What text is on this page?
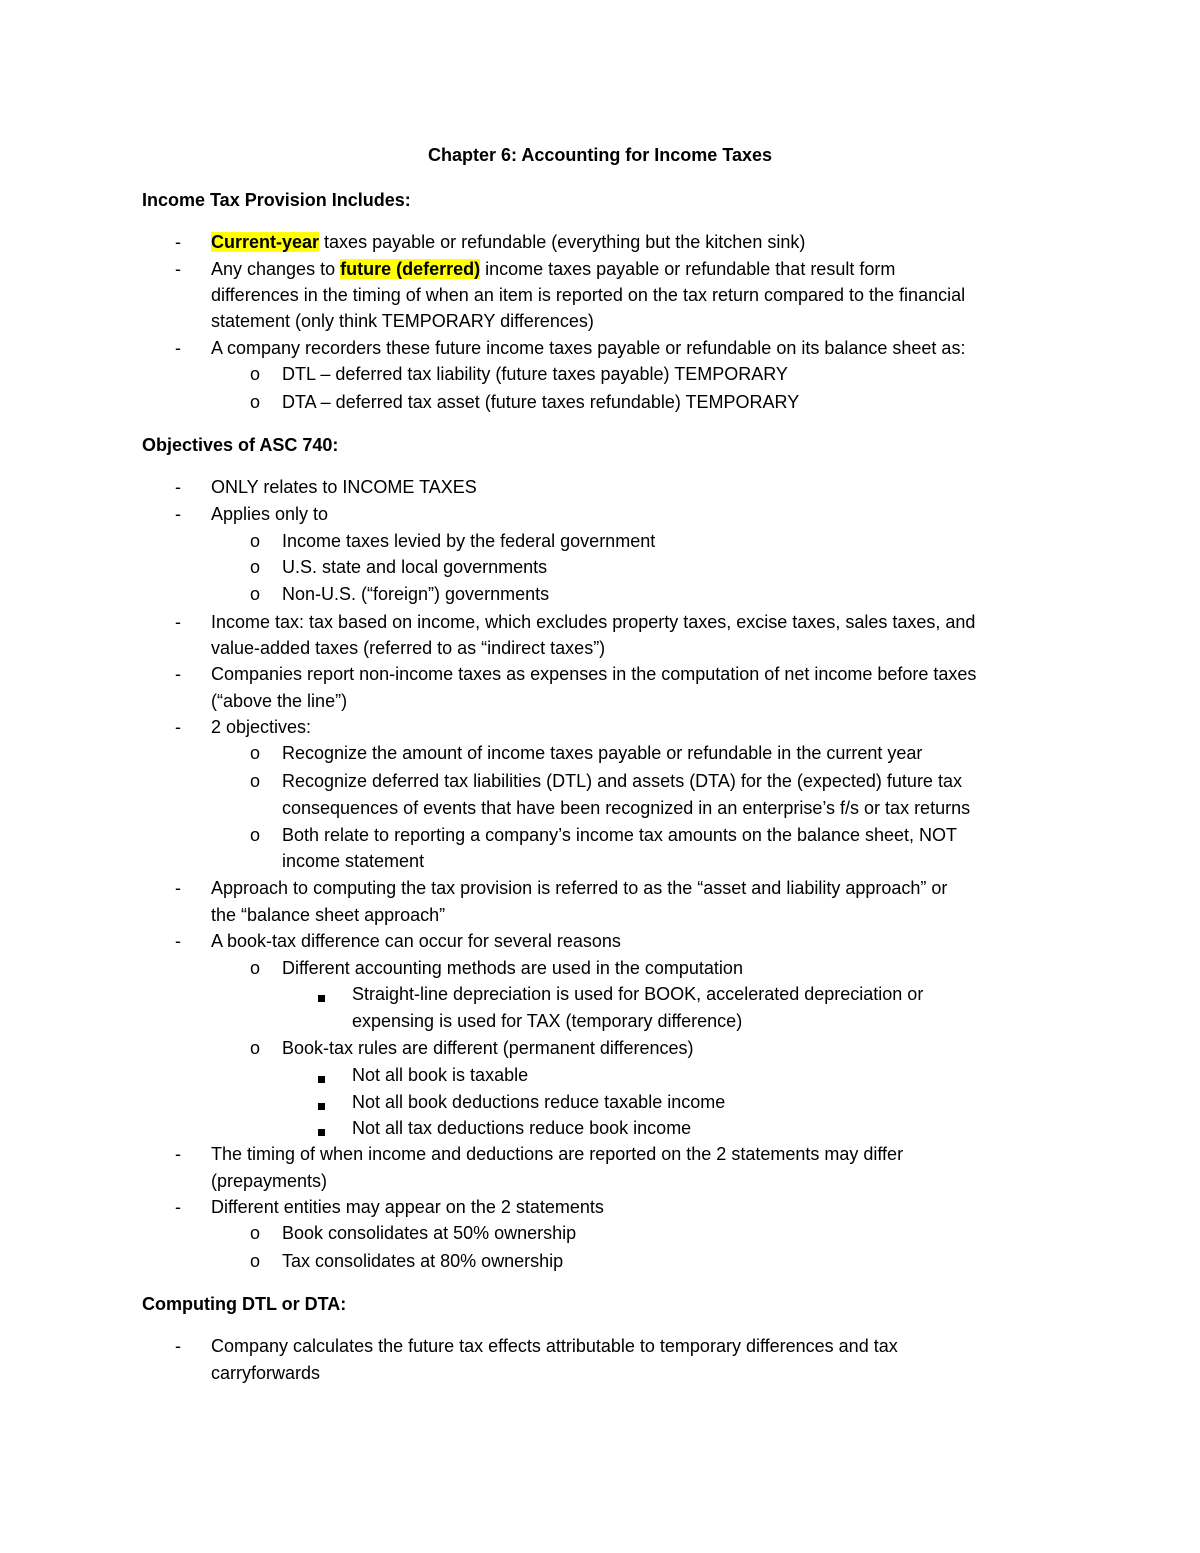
Chapter 6: Accounting for Income Taxes
Income Tax Provision Includes:
- Current-year taxes payable or refundable (everything but the kitchen sink)
- Any changes to future (deferred) income taxes payable or refundable that result form
differences in the timing of when an item is reported on the tax return compared to the financial
statement (only think TEMPORARY differences)
- A company recorders these future income taxes payable or refundable on its balance sheet as:
o DTL – deferred tax liability (future taxes payable) TEMPORARY
o DTA – deferred tax asset (future taxes refundable) TEMPORARY
Objectives of ASC 740:
- ONLY relates to INCOME TAXES
- Applies only to
o Income taxes levied by the federal government
o U.S. state and local governments
o Non-U.S. (“foreign”) governments
- Income tax: tax based on income, which excludes property taxes, excise taxes, sales taxes, and
value-added taxes (referred to as “indirect taxes”)
- Companies report non-income taxes as expenses in the computation of net income before taxes
(“above the line”)
- 2 objectives:
o Recognize the amount of income taxes payable or refundable in the current year
o Recognize deferred tax liabilities (DTL) and assets (DTA) for the (expected) future tax
consequences of events that have been recognized in an enterprise’s f/s or tax returns
o Both relate to reporting a company’s income tax amounts on the balance sheet, NOT
income statement
- Approach to computing the tax provision is referred to as the “asset and liability approach” or
the “balance sheet approach”
- A book-tax difference can occur for several reasons
o Different accounting methods are used in the computation
Straight-line depreciation is used for BOOK, accelerated depreciation or
expensing is used for TAX (temporary difference)
o Book-tax rules are different (permanent differences)
Not all book is taxable
Not all book deductions reduce taxable income
Not all tax deductions reduce book income
- The timing of when income and deductions are reported on the 2 statements may differ
(prepayments)
- Different entities may appear on the 2 statements
o Book consolidates at 50% ownership
o Tax consolidates at 80% ownership
Computing DTL or DTA:
- Company calculates the future tax effects attributable to temporary differences and tax
carryforwards
